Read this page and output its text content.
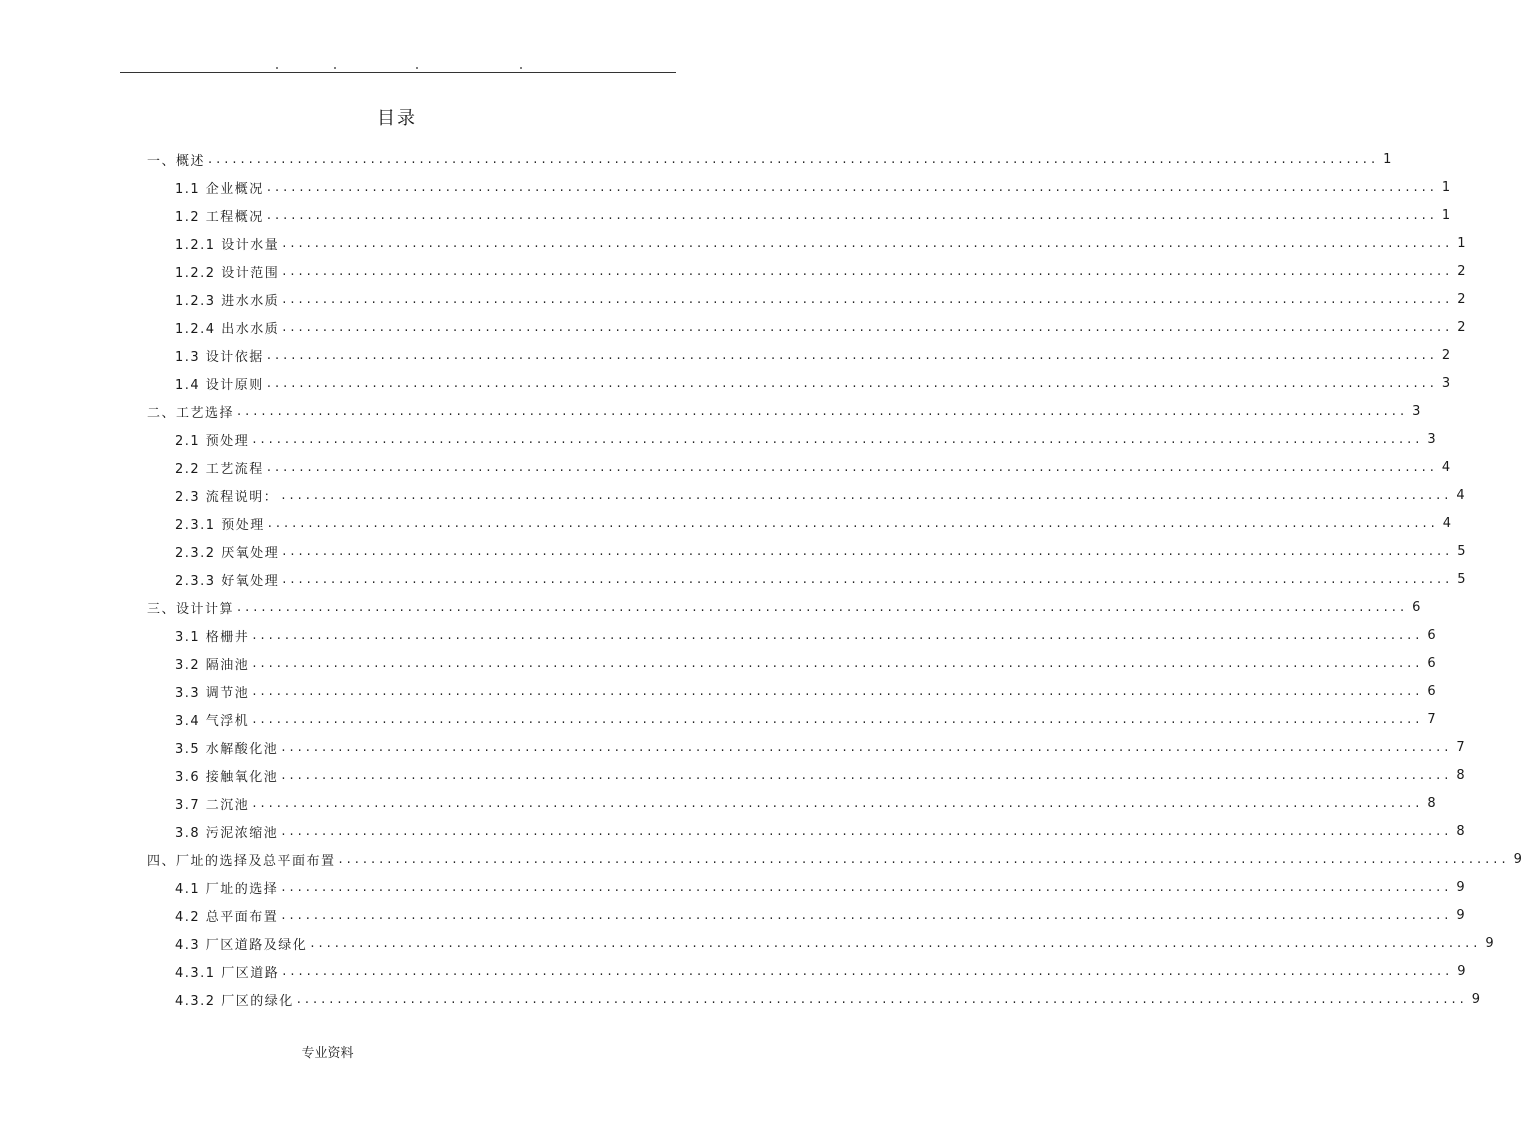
目录
一、概述 ................................................................................................................................................ 1
1.1 企业概况 ................................................................................................................................................ 1
1.2 工程概况 ................................................................................................................................................ 1
1.2.1 设计水量 ................................................................................................................................................ 1
1.2.2 设计范围 ................................................................................................................................................ 2
1.2.3 进水水质 ................................................................................................................................................ 2
1.2.4 出水水质 ................................................................................................................................................ 2
1.3 设计依据 ................................................................................................................................................ 2
1.4 设计原则 ................................................................................................................................................ 3
二、工艺选择 ................................................................................................................................................ 3
2.1 预处理 ................................................................................................................................................ 3
2.2 工艺流程 ................................................................................................................................................ 4
2.3 流程说明： ................................................................................................................................................ 4
2.3.1 预处理 ................................................................................................................................................ 4
2.3.2 厌氧处理 ................................................................................................................................................ 5
2.3.3 好氧处理 ................................................................................................................................................ 5
三、设计计算 ................................................................................................................................................ 6
3.1 格栅井 ................................................................................................................................................ 6
3.2 隔油池 ................................................................................................................................................ 6
3.3 调节池 ................................................................................................................................................ 6
3.4 气浮机 ................................................................................................................................................ 7
3.5 水解酸化池 ................................................................................................................................................ 7
3.6 接触氧化池 ................................................................................................................................................ 8
3.7 二沉池 ................................................................................................................................................ 8
3.8 污泥浓缩池 ................................................................................................................................................ 8
四、厂址的选择及总平面布置 ................................................................................................................................................ 9
4.1 厂址的选择 ................................................................................................................................................ 9
4.2 总平面布置 ................................................................................................................................................ 9
4.3 厂区道路及绿化 ................................................................................................................................................ 9
4.3.1 厂区道路 ................................................................................................................................................ 9
4.3.2 厂区的绿化 ................................................................................................................................................ 9
专业资料
